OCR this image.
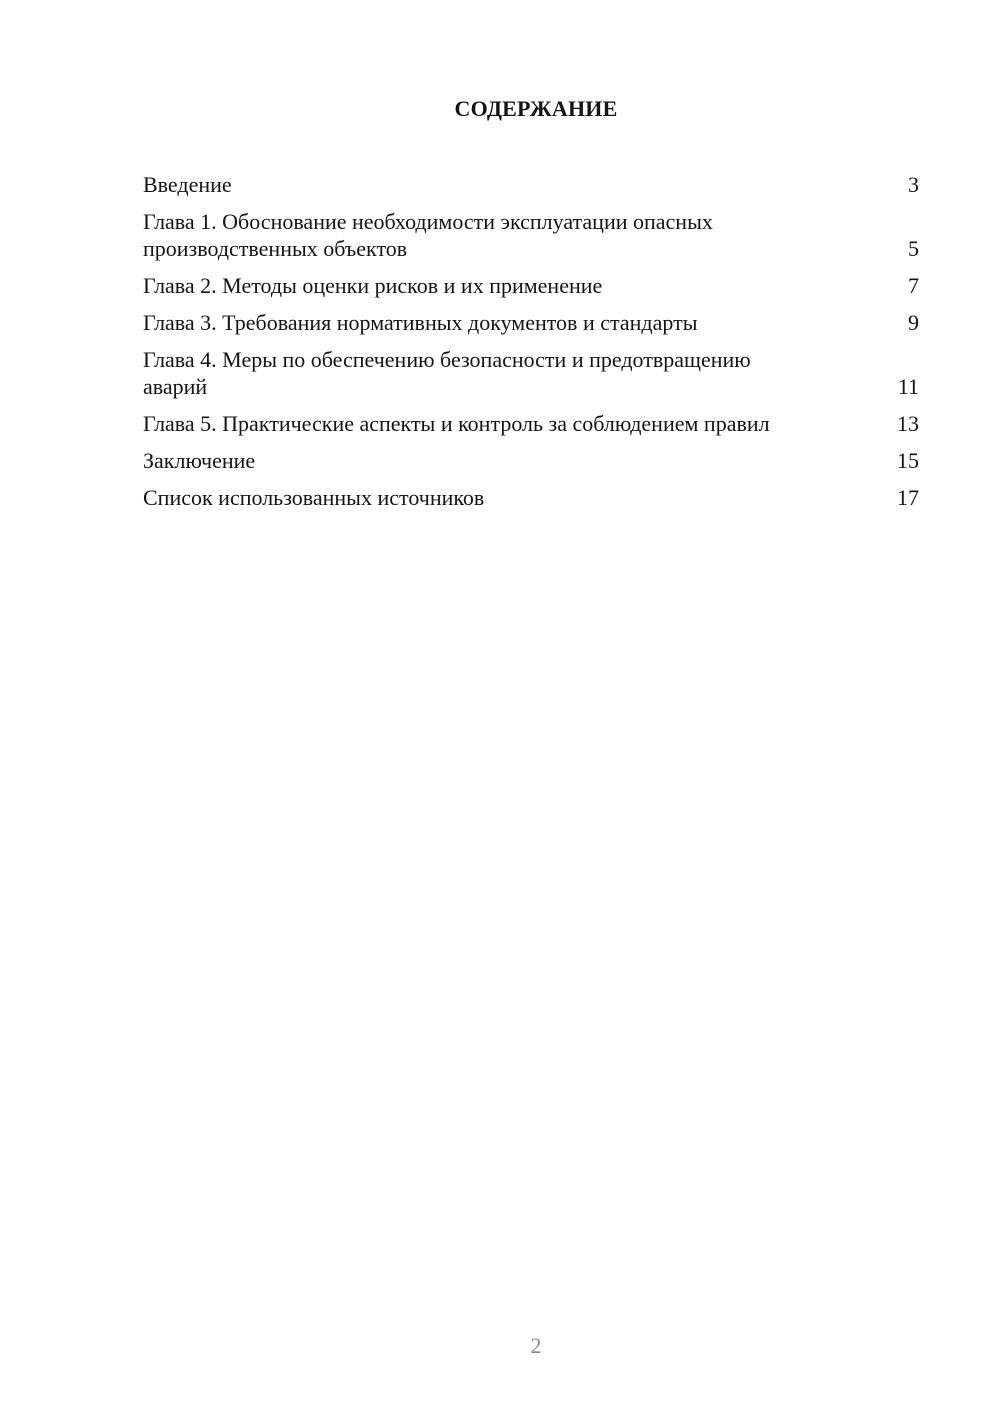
СОДЕРЖАНИЕ
Введение	3
Глава 1. Обоснование необходимости эксплуатации опасных производственных объектов	5
Глава 2. Методы оценки рисков и их применение	7
Глава 3. Требования нормативных документов и стандарты	9
Глава 4. Меры по обеспечению безопасности и предотвращению аварий	11
Глава 5. Практические аспекты и контроль за соблюдением правил	13
Заключение	15
Список использованных источников	17
2
